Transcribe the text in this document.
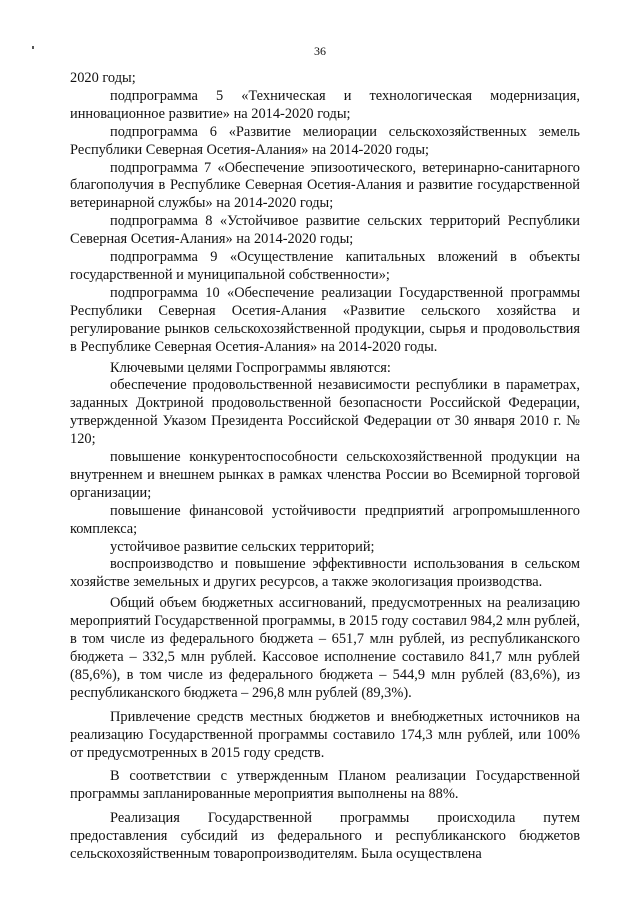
36

2020 годы;

подпрограмма 5 «Техническая и технологическая модернизация, инновационное развитие» на 2014-2020 годы;

подпрограмма 6 «Развитие мелиорации сельскохозяйственных земель Республики Северная Осетия-Алания» на 2014-2020 годы;

подпрограмма 7 «Обеспечение эпизоотического, ветеринарно-санитарного благополучия в Республике Северная Осетия-Алания и развитие государственной ветеринарной службы» на 2014-2020 годы;

подпрограмма 8 «Устойчивое развитие сельских территорий Республики Северная Осетия-Алания» на 2014-2020 годы;

подпрограмма 9 «Осуществление капитальных вложений в объекты государственной и муниципальной собственности»;

подпрограмма 10 «Обеспечение реализации Государственной программы Республики Северная Осетия-Алания «Развитие сельского хозяйства и регулирование рынков сельскохозяйственной продукции, сырья и продовольствия в Республике Северная Осетия-Алания» на 2014-2020 годы.

Ключевыми целями Госпрограммы являются:

обеспечение продовольственной независимости республики в параметрах, заданных Доктриной продовольственной безопасности Российской Федерации, утвержденной Указом Президента Российской Федерации от 30 января 2010 г. № 120;

повышение конкурентоспособности сельскохозяйственной продукции на внутреннем и внешнем рынках в рамках членства России во Всемирной торговой организации;

повышение финансовой устойчивости предприятий агропромышленного комплекса;

устойчивое развитие сельских территорий;

воспроизводство и повышение эффективности использования в сельском хозяйстве земельных и других ресурсов, а также экологизация производства.

Общий объем бюджетных ассигнований, предусмотренных на реализацию мероприятий Государственной программы, в 2015 году составил 984,2 млн рублей, в том числе из федерального бюджета – 651,7 млн рублей, из республиканского бюджета – 332,5 млн рублей. Кассовое исполнение составило 841,7 млн рублей (85,6%), в том числе из федерального бюджета – 544,9 млн рублей (83,6%), из республиканского бюджета – 296,8 млн рублей (89,3%).

Привлечение средств местных бюджетов и внебюджетных источников на реализацию Государственной программы составило 174,3 млн рублей, или 100% от предусмотренных в 2015 году средств.

В соответствии с утвержденным Планом реализации Государственной программы запланированные мероприятия выполнены на 88%.

Реализация Государственной программы происходила путем предоставления субсидий из федерального и республиканского бюджетов сельскохозяйственным товаропроизводителям. Была осуществлена
